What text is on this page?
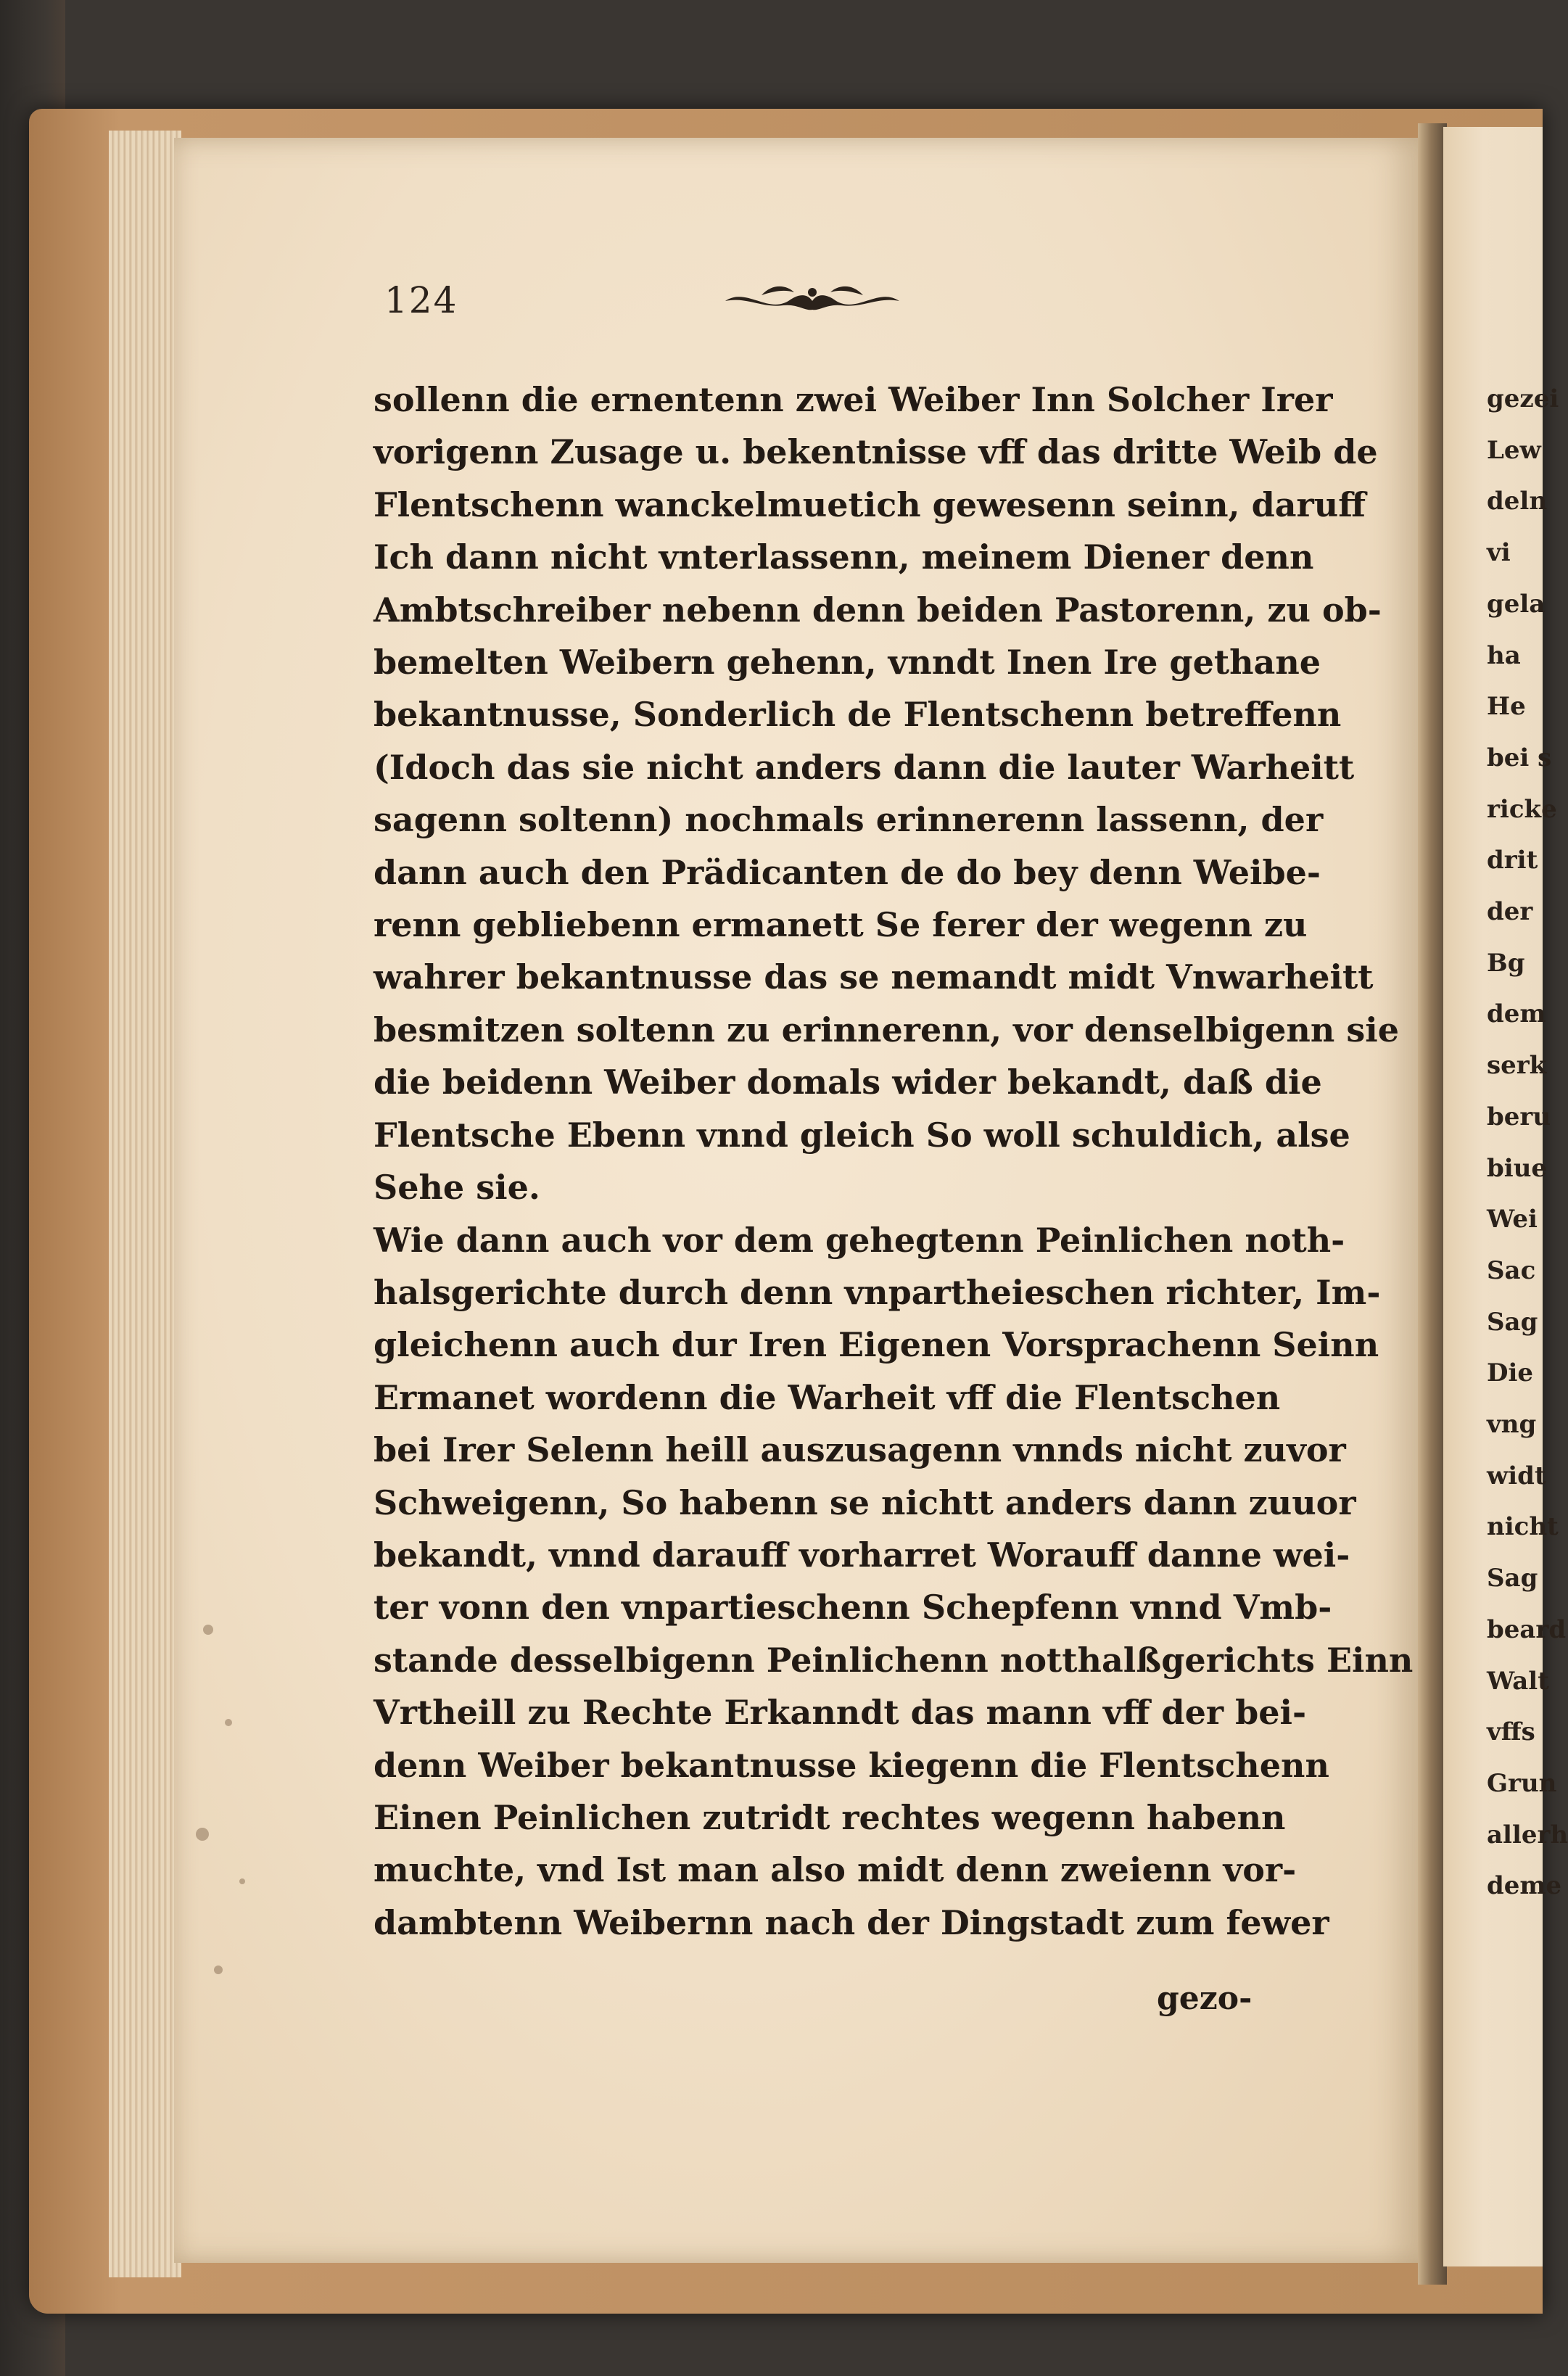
gezei
Lew
deln
vi
gela
ha
He
bei s
ricke
drit
der
Bg
dem
serk
beru
biue
Wei
Sac
Sag
Die
vng
widt
nicht
Sag
beard
Walt
vffs
Grun
allerh
deme
124
sollenn die ernentenn zwei Weiber Inn Solcher Irer
vorigenn Zusage u. bekentnisse vff das dritte Weib de
Flentschenn wanckelmuetich gewesenn seinn, daruff
Ich dann nicht vnterlassenn, meinem Diener denn
Ambtschreiber nebenn denn beiden Pastorenn, zu ob-
bemelten Weibern gehenn, vnndt Inen Ire gethane
bekantnusse, Sonderlich de Flentschenn betreffenn
(Idoch das sie nicht anders dann die lauter Warheitt
sagenn soltenn) nochmals erinnerenn lassenn, der
dann auch den Prädicanten de do bey denn Weibe-
renn gebliebenn ermanett Se ferer der wegenn zu
wahrer bekantnusse das se nemandt midt Vnwarheitt
besmitzen soltenn zu erinnerenn, vor denselbigenn sie
die beidenn Weiber domals wider bekandt, daß die
Flentsche Ebenn vnnd gleich So woll schuldich, alse
Sehe sie.
Wie dann auch vor dem gehegtenn Peinlichen noth-
halsgerichte durch denn vnpartheieschen richter, Im-
gleichenn auch dur Iren Eigenen Vorsprachenn Seinn
Ermanet wordenn die Warheit vff die Flentschen
bei Irer Selenn heill auszusagenn vnnds nicht zuvor
Schweigenn, So habenn se nichtt anders dann zuuor
bekandt, vnnd darauff vorharret Worauff danne wei-
ter vonn den vnpartieschenn Schepfenn vnnd Vmb-
stande desselbigenn Peinlichenn notthalßgerichts Einn
Vrtheill zu Rechte Erkanndt das mann vff der bei-
denn Weiber bekantnusse kiegenn die Flentschenn
Einen Peinlichen zutridt rechtes wegenn habenn
muchte, vnd Ist man also midt denn zweienn vor-
dambtenn Weibernn nach der Dingstadt zum fewer
gezo-
